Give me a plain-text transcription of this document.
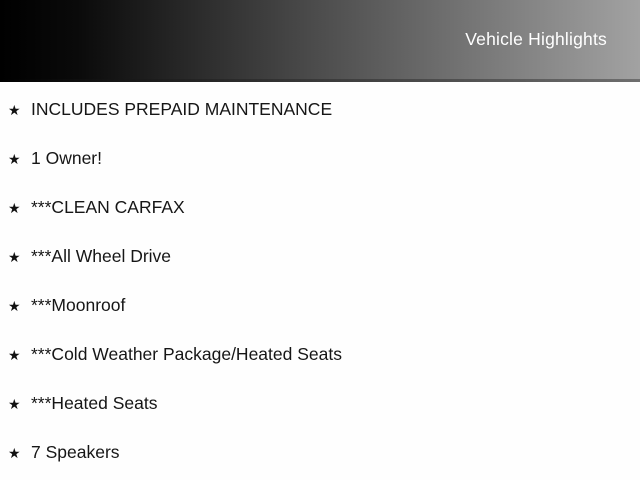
Vehicle Highlights
★ INCLUDES PREPAID MAINTENANCE
★ 1 Owner!
★ ***CLEAN CARFAX
★ ***All Wheel Drive
★ ***Moonroof
★ ***Cold Weather Package/Heated Seats
★ ***Heated Seats
★ 7 Speakers
